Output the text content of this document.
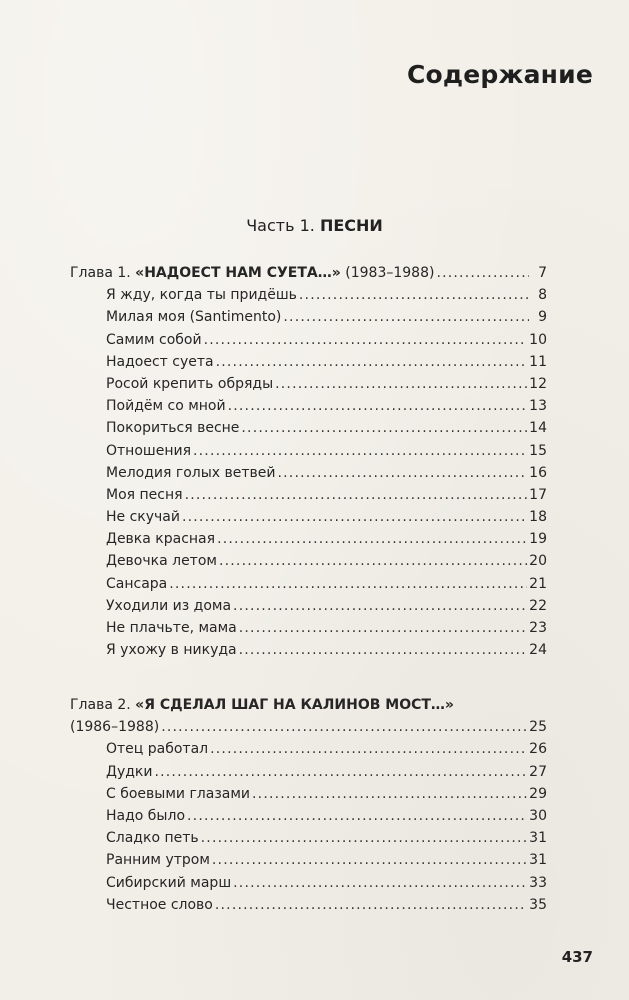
Содержание
Часть 1. ПЕСНИ
Глава 1. «НАДОЕСТ НАМ СУЕТА…» (1983–1988) .....	7
Я жду, когда ты придёшь .....	8
Милая моя (Santimento) .....	9
Самим собой .....	10
Надоест суета .....	11
Росой крепить обряды .....	12
Пойдём со мной .....	13
Покориться весне .....	14
Отношения .....	15
Мелодия голых ветвей .....	16
Моя песня .....	17
Не скучай .....	18
Девка красная .....	19
Девочка летом .....	20
Сансара .....	21
Уходили из дома .....	22
Не плачьте, мама .....	23
Я ухожу в никуда .....	24
Глава 2. «Я СДЕЛАЛ ШАГ НА КАЛИНОВ МОСТ…»
(1986–1988) .....	25
Отец работал .....	26
Дудки .....	27
С боевыми глазами .....	29
Надо было .....	30
Сладко петь .....	31
Ранним утром .....	31
Сибирский марш .....	33
Честное слово .....	35
437
